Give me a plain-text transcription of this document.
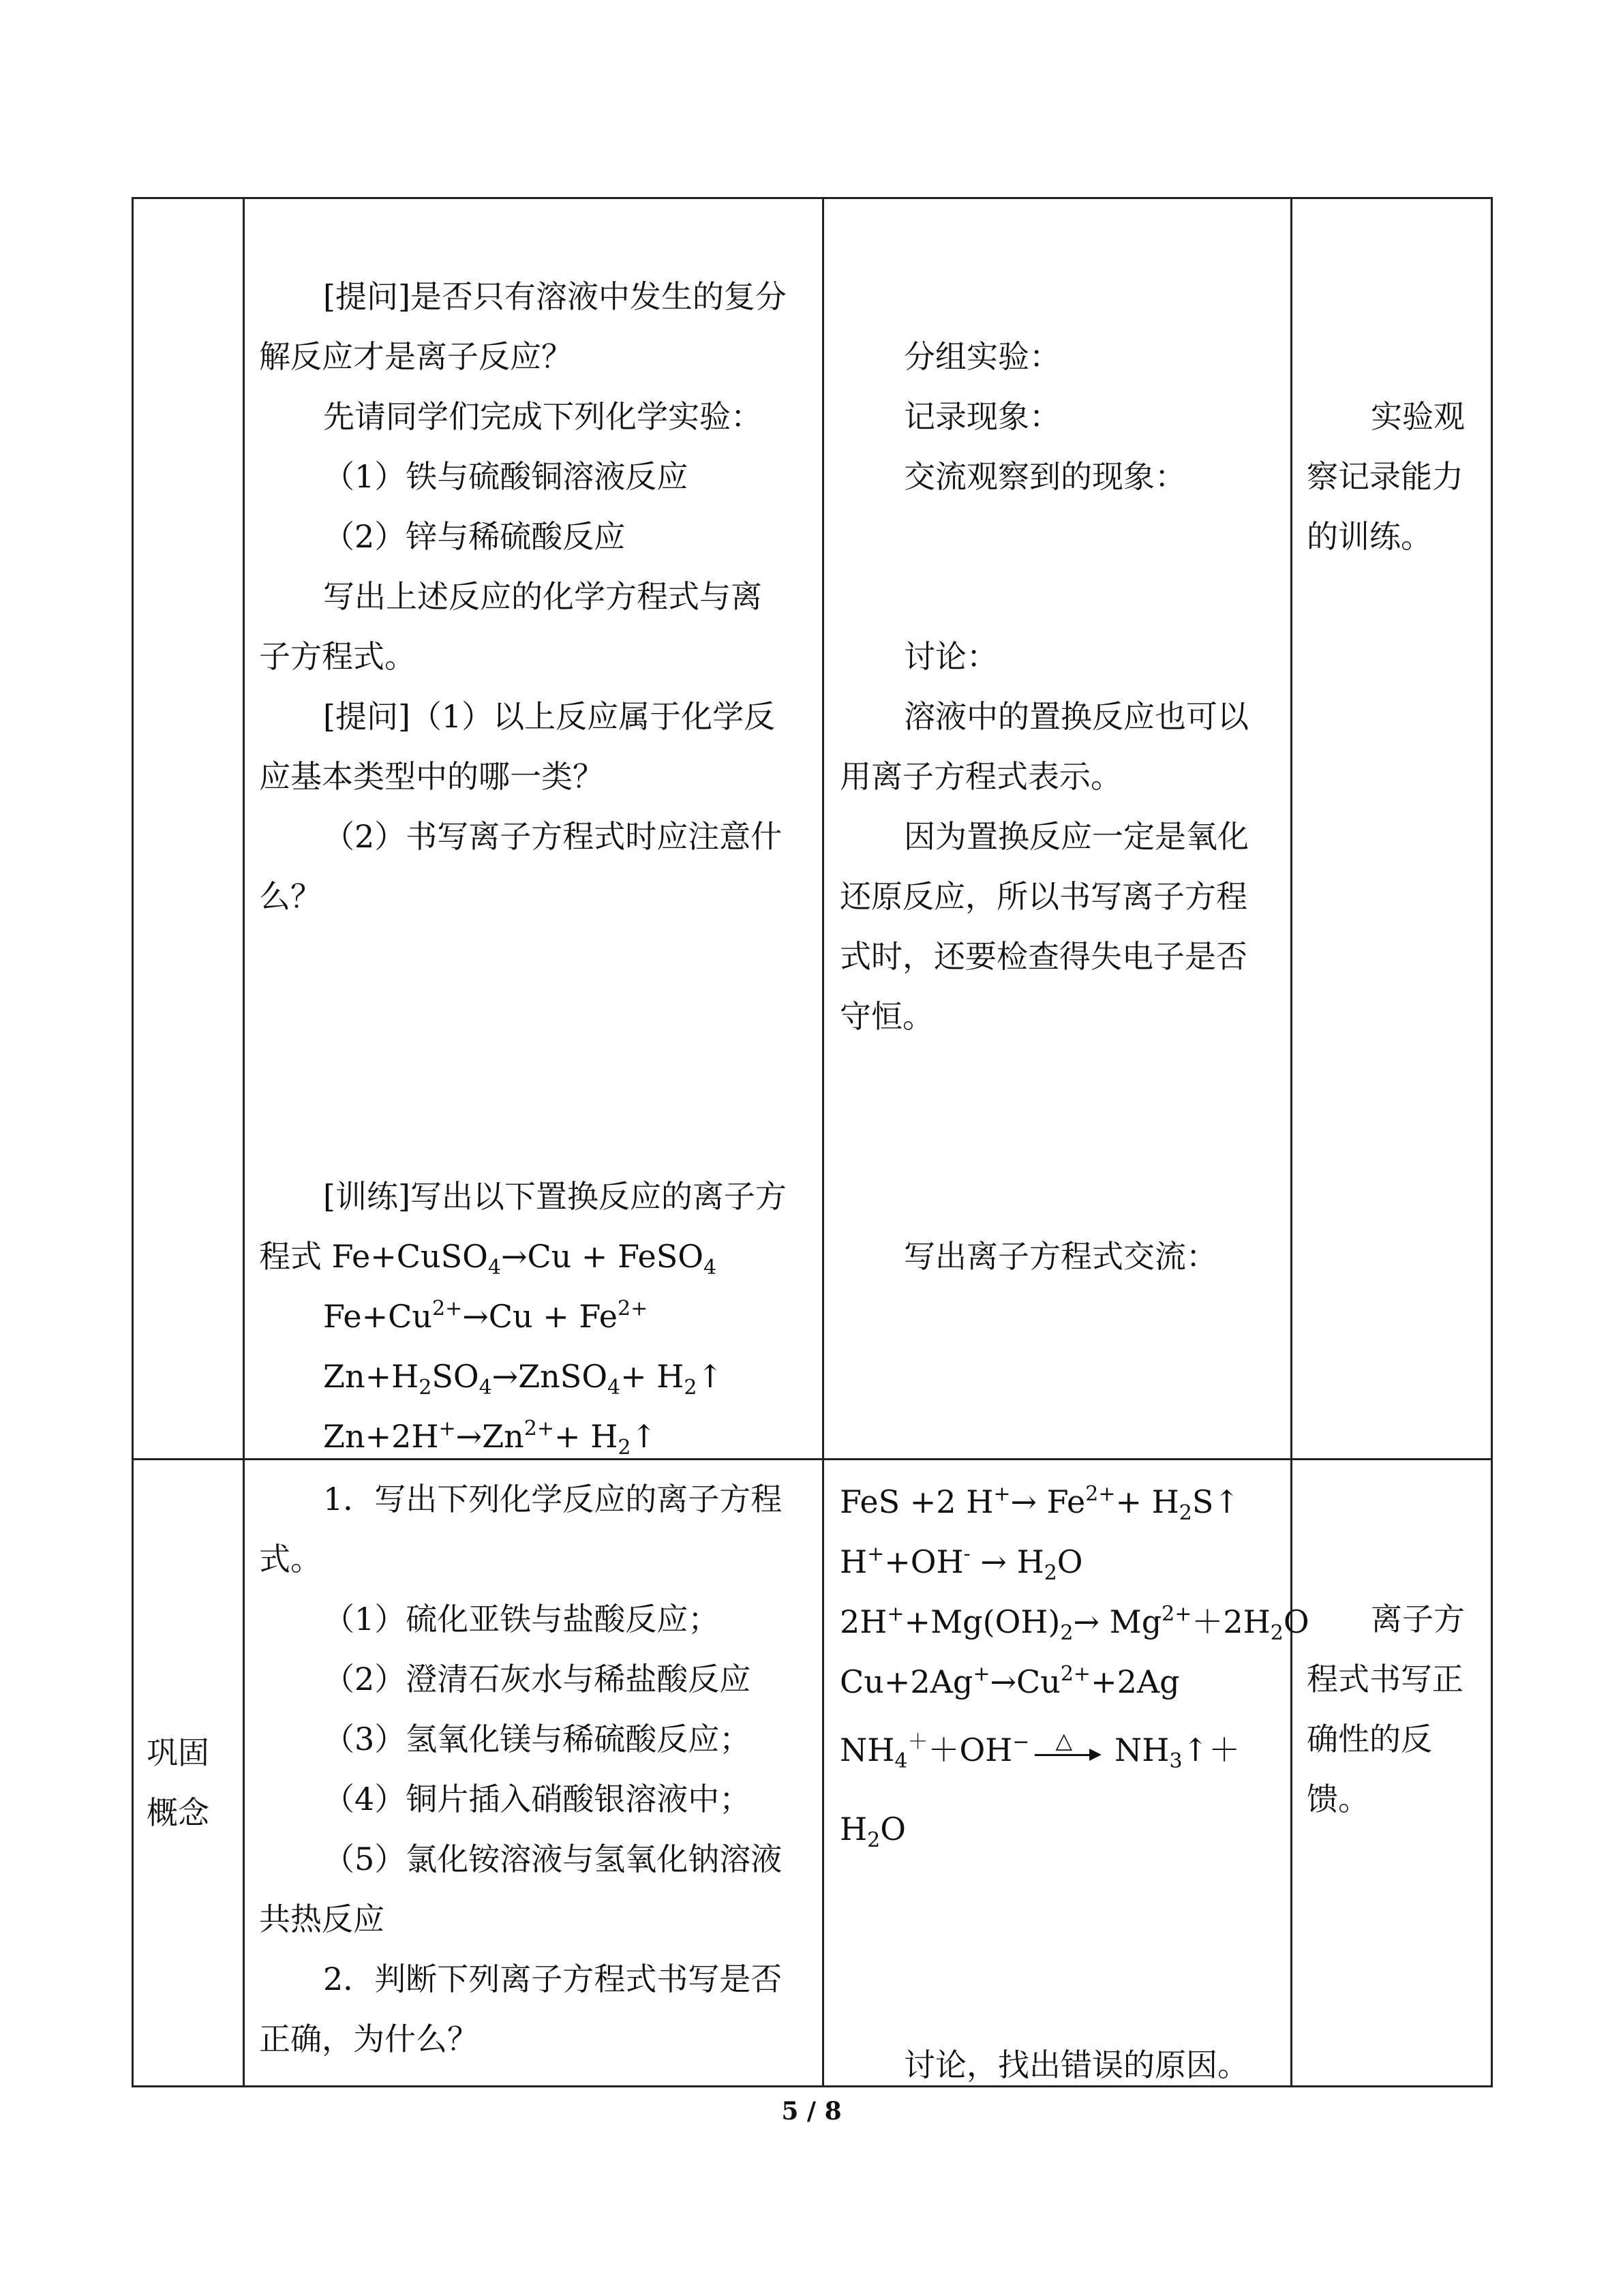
[提问]是否只有溶液中发生的复分
解反应才是离子反应？
先请同学们完成下列化学实验：
（1）铁与硫酸铜溶液反应
（2）锌与稀硫酸反应
写出上述反应的化学方程式与离
子方程式。
[提问]（1）以上反应属于化学反
应基本类型中的哪一类？
（2）书写离子方程式时应注意什
么？
[训练]写出以下置换反应的离子方
程式 Fe+CuSO$_4$→Cu + FeSO$_4$
$Fe+Cu^{2+}\to Cu + Fe^{2+}$
$Zn+H_2SO_4\to ZnSO_4+$ $H_2↑$
$Zn+2H^+\to Zn^{2+}+$ $H_2↑$
分组实验：
记录现象：
交流观察到的现象：
讨论：
溶液中的置换反应也可以
用离子方程式表示。
因为置换反应一定是氧化
还原反应，所以书写离子方程
式时，还要检查得失电子是否
守恒。
写出离子方程式交流：
实验观
察记录能力
的训练。
巩固
概念
1．写出下列化学反应的离子方程
式。
（1）硫化亚铁与盐酸反应；
（2）澄清石灰水与稀盐酸反应
（3）氢氧化镁与稀硫酸反应；
（4）铜片插入硝酸银溶液中；
（5）氯化铵溶液与氢氧化钠溶液
共热反应
2．判断下列离子方程式书写是否
正确，为什么？
FeS +2 $H^+\to Fe^{2+}+$ $H_2S↑$
$H^++OH^- \to H_2O$
$2H^++Mg(OH)_2\to Mg^{2+}+2H_2O$
$Cu+2Ag^+\to Cu^{2+}+2Ag$
$NH_4^++OH^-$ △ $NH_3↑+$
$H_2O$
讨论，找出错误的原因。
离子方
程式书写正
确性的反
馈。
5 / 8
